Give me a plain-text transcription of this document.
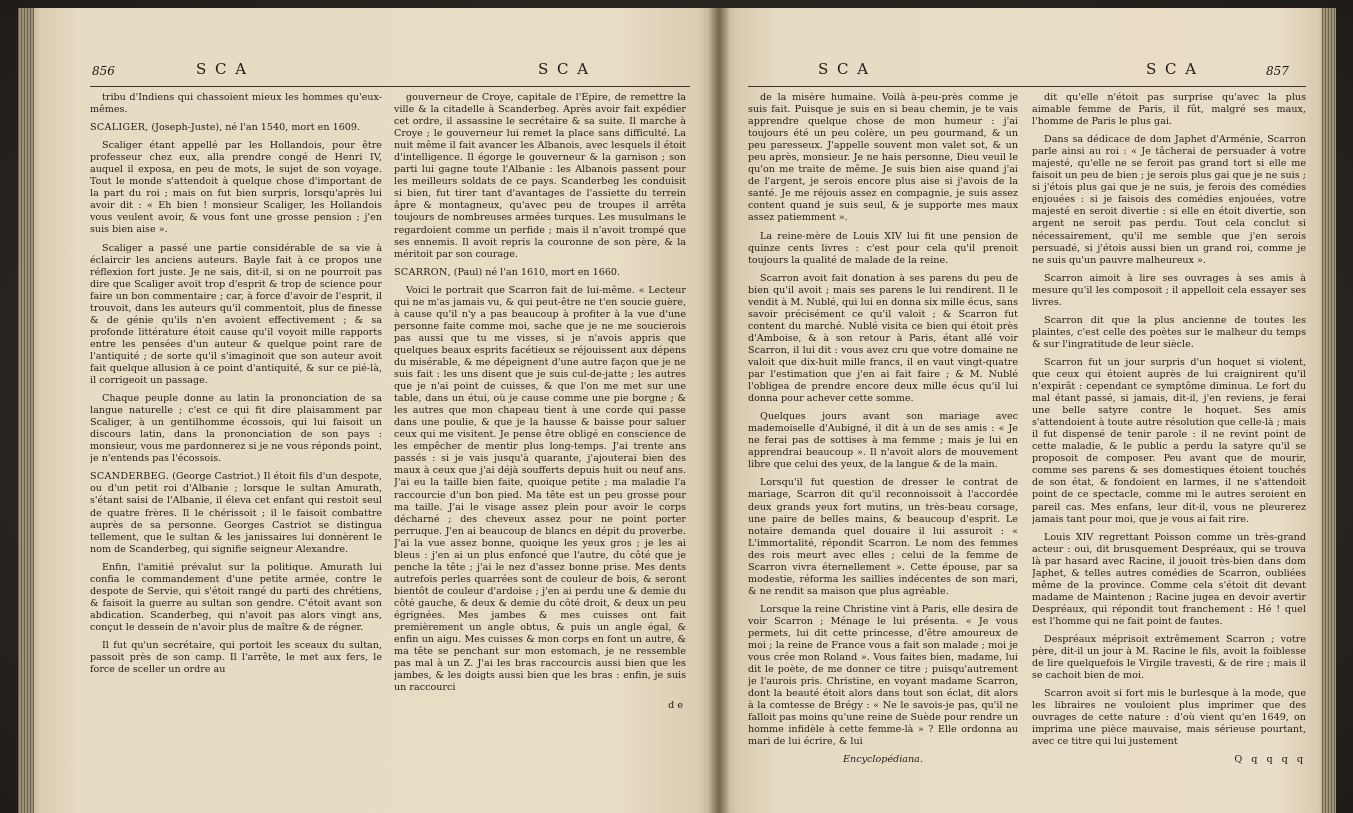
856	S C A	S C A

tribu d'Indiens qui chassoient mieux les hommes qu'eux-mêmes.

SCALIGER, (Joseph-Juste), né l'an 1540, mort en 1609.

Scaliger étant appellé par les Hollandois, pour être professeur chez eux, alla prendre congé de Henri IV, auquel il exposa, en peu de mots, le sujet de son voyage. Tout le monde s'attendoit à quelque chose d'important de la part du roi ; mais on fut bien surpris, lorsqu'après lui avoir dit : « Eh bien ! monsieur Scaliger, les Hollandois vous veulent avoir, & vous font une grosse pension ; j'en suis bien aise ».

Scaliger a passé une partie considérable de sa vie à éclaircir les anciens auteurs. Bayle fait à ce propos une réflexion fort juste. Je ne sais, dit-il, si on ne pourroit pas dire que Scaliger avoit trop d'esprit & trop de science pour faire un bon commentaire ; car, à force d'avoir de l'esprit, il trouvoit, dans les auteurs qu'il commentoit, plus de finesse & de génie qu'ils n'en avoient effectivement ; & sa profonde littérature étoit cause qu'il voyoit mille rapports entre les pensées d'un auteur & quelque point rare de l'antiquité ; de sorte qu'il s'imaginoit que son auteur avoit fait quelque allusion à ce point d'antiquité, & sur ce pié-là, il corrigeoit un passage.

Chaque peuple donne au latin la prononciation de sa langue naturelle ; c'est ce qui fit dire plaisamment par Scaliger, à un gentilhomme écossois, qui lui faisoit un discours latin, dans la prononciation de son pays : monsieur, vous me pardonnerez si je ne vous réponds point, je n'entends pas l'écossois.

SCANDERBEG. (George Castriot.) Il étoit fils d'un despote, ou d'un petit roi d'Albanie ; lorsque le sultan Amurath, s'étant saisi de l'Albanie, il éleva cet enfant qui restoit seul de quatre frères. Il le chérissoit ; il le faisoit combattre auprès de sa personne. Georges Castriot se distingua tellement, que le sultan & les janissaires lui donnèrent le nom de Scanderbeg, qui signifie seigneur Alexandre.

Enfin, l'amitié prévalut sur la politique. Amurath lui confia le commandement d'une petite armée, contre le despote de Servie, qui s'étoit rangé du parti des chrétiens, & faisoit la guerre au sultan son gendre. C'étoit avant son abdication. Scanderbeg, qui n'avoit pas alors vingt ans, conçut le dessein de n'avoir plus de maître & de régner.

Il fut qu'un secrétaire, qui portoit les sceaux du sultan, passoit près de son camp. Il l'arrête, le met aux fers, le force de sceller un ordre au

gouverneur de Croye, capitale de l'Épire, de remettre la ville & la citadelle à Scanderbeg. Après avoir fait expédier cet ordre, il assassine le secrétaire & sa suite. Il marche à Croye ; le gouverneur lui remet la place sans difficulté. La nuit même il fait avancer les Albanois, avec lesquels il étoit d'intelligence. Il égorge le gouverneur & la garnison ; son parti lui gagne toute l'Albanie : les Albanois passent pour les meilleurs soldats de ce pays. Scanderbeg les conduisit si bien, fut tirer tant d'avantages de l'assiette du terrein âpre & montagneux, qu'avec peu de troupes il arrêta toujours de nombreuses armées turques. Les musulmans le regardoient comme un perfide ; mais il n'avoit trompé que ses ennemis. Il avoit repris la couronne de son père, & la méritoit par son courage.

SCARRON, (Paul) né l'an 1610, mort en 1660.

Voici le portrait que Scarron fait de lui-même. « Lecteur qui ne m'as jamais vu, & qui peut-être ne t'en soucie guère, à cause qu'il n'y a pas beaucoup à profiter à la vue d'une personne faite comme moi, sache que je ne me soucierois pas aussi que tu me visses, si je n'avois appris que quelques beaux esprits facétieux se réjouissent aux dépens du misérable, & me dépeignent d'une autre façon que je ne suis fait : les uns disent que je suis cul-de-jatte ; les autres que je n'ai point de cuisses, & que l'on me met sur une table, dans un étui, où je cause comme une pie borgne ; & les autres que mon chapeau tient à une corde qui passe dans une poulie, & que je la hausse & baisse pour saluer ceux qui me visitent. Je pense être obligé en conscience de les empêcher de mentir plus long-temps. J'ai trente ans passés : si je vais jusqu'à quarante, j'ajouterai bien des maux à ceux que j'ai déjà soufferts depuis huit ou neuf ans. J'ai eu la taille bien faite, quoique petite ; ma maladie l'a raccourcie d'un bon pied. Ma tête est un peu grosse pour ma taille. J'ai le visage assez plein pour avoir le corps décharné ; des cheveux assez pour ne point porter perruque. J'en ai beaucoup de blancs en dépit du proverbe. J'ai la vue assez bonne, quoique les yeux gros ; je les ai bleus : j'en ai un plus enfoncé que l'autre, du côté que je penche la tête ; j'ai le nez d'assez bonne prise. Mes dents autrefois perles quarrées sont de couleur de bois, & seront bientôt de couleur d'ardoise ; j'en ai perdu une & demie du côté gauche, & deux & demie du côté droit, & deux un peu égrignées. Mes jambes & mes cuisses ont fait premièrement un angle obtus, & puis un angle égal, & enfin un aigu. Mes cuisses & mon corps en font un autre, & ma tête se penchant sur mon estomach, je ne ressemble pas mal à un Z. J'ai les bras raccourcis aussi bien que les jambes, & les doigts aussi bien que les bras : enfin, je suis un raccourci

de

S C A	S C A	857

de la misère humaine. Voilà à-peu-près comme je suis fait. Puisque je suis en si beau chemin, je te vais apprendre quelque chose de mon humeur : j'ai toujours été un peu colère, un peu gourmand, & un peu paresseux. J'appelle souvent mon valet sot, & un peu après, monsieur. Je ne hais personne, Dieu veuil le qu'on me traite de même. Je suis bien aise quand j'ai de l'argent, je serois encore plus aise si j'avois de la santé. Je me réjouis assez en compagnie, je suis assez content quand je suis seul, & je supporte mes maux assez patiemment ».

La reine-mère de Louis XIV lui fit une pension de quinze cents livres : c'est pour cela qu'il prenoit toujours la qualité de malade de la reine.

Scarron avoit fait donation à ses parens du peu de bien qu'il avoit ; mais ses parens le lui rendirent. Il le vendit à M. Nublé, qui lui en donna six mille écus, sans savoir précisément ce qu'il valoit ; & Scarron fut content du marché. Nublé visita ce bien qui étoit près d'Amboise, & à son retour à Paris, étant allé voir Scarron, il lui dit : vous avez cru que votre domaine ne valoit que dix-huit mille francs, il en vaut vingt-quatre par l'estimation que j'en ai fait faire ; & M. Nublé l'obligea de prendre encore deux mille écus qu'il lui donna pour achever cette somme.

Quelques jours avant son mariage avec mademoiselle d'Aubigné, il dit à un de ses amis : « Je ne ferai pas de sottises à ma femme ; mais je lui en apprendrai beaucoup ». Il n'avoit alors de mouvement libre que celui des yeux, de la langue & de la main.

Lorsqu'il fut question de dresser le contrat de mariage, Scarron dit qu'il reconnoissoit à l'accordée deux grands yeux fort mutins, un très-beau corsage, une paire de belles mains, & beaucoup d'esprit. Le notaire demanda quel douaire il lui assuroit : « L'immortalité, répondit Scarron. Le nom des femmes des rois meurt avec elles ; celui de la femme de Scarron vivra éternellement ». Cette épouse, par sa modestie, réforma les saillies indécentes de son mari, & ne rendit sa maison que plus agréable.

Lorsque la reine Christine vint à Paris, elle desira de voir Scarron ; Ménage le lui présenta. « Je vous permets, lui dit cette princesse, d'être amoureux de moi ; la reine de France vous a fait son malade ; moi je vous crée mon Roland ». Vous faites bien, madame, lui dit le poète, de me donner ce titre ; puisqu'autrement je l'aurois pris. Christine, en voyant madame Scarron, dont la beauté étoit alors dans tout son éclat, dit alors à la comtesse de Brégy : « Ne le savois-je pas, qu'il ne falloit pas moins qu'une reine de Suède pour rendre un homme infidèle à cette femme-là » ? Elle ordonna au mari de lui écrire, & lui

Encyclopédiana.

dit qu'elle n'étoit pas surprise qu'avec la plus aimable femme de Paris, il fût, malgré ses maux, l'homme de Paris le plus gai.

Dans sa dédicace de dom Japhet d'Arménie, Scarron parle ainsi au roi : « Je tâcherai de persuader à votre majesté, qu'elle ne se feroit pas grand tort si elle me faisoit un peu de bien ; je serois plus gai que je ne suis ; si j'étois plus gai que je ne suis, je ferois des comédies enjouées : si je faisois des comédies enjouées, votre majesté en seroit divertie : si elle en étoit divertie, son argent ne seroit pas perdu. Tout cela conclut si nécessairement, qu'il me semble que j'en serois persuadé, si j'étois aussi bien un grand roi, comme je ne suis qu'un pauvre malheureux ».

Scarron aimoit à lire ses ouvrages à ses amis à mesure qu'il les composoit ; il appelloit cela essayer ses livres.

Scarron dit que la plus ancienne de toutes les plaintes, c'est celle des poètes sur le malheur du temps & sur l'ingratitude de leur siècle.

Scarron fut un jour surpris d'un hoquet si violent, que ceux qui étoient auprès de lui craignirent qu'il n'expirât : cependant ce symptôme diminua. Le fort du mal étant passé, si jamais, dit-il, j'en reviens, je ferai une belle satyre contre le hoquet. Ses amis s'attendoient à toute autre résolution que celle-là ; mais il fut dispensé de tenir parole : il ne revint point de cette maladie, & le public a perdu la satyre qu'il se proposoit de composer. Peu avant que de mourir, comme ses parens & ses domestiques étoient touchés de son état, & fondoient en larmes, il ne s'attendoit point de ce spectacle, comme mi le autres seroient en pareil cas. Mes enfans, leur dit-il, vous ne pleurerez jamais tant pour moi, que je vous ai fait rire.

Louis XIV regrettant Poisson comme un très-grand acteur : oui, dit brusquement Despréaux, qui se trouva là par hasard avec Racine, il jouoit très-bien dans dom Japhet, & telles autres comédies de Scarron, oubliées même de la province. Comme cela s'étoit dit devant madame de Maintenon ; Racine jugea en devoir avertir Despréaux, qui répondit tout franchement : Hé ! quel est l'homme qui ne fait point de fautes.

Despréaux méprisoit extrêmement Scarron ; votre père, dit-il un jour à M. Racine le fils, avoit la foiblesse de lire quelquefois le Virgile travesti, & de rire ; mais il se cachoit bien de moi.

Scarron avoit si fort mis le burlesque à la mode, que les libraires ne vouloient plus imprimer que des ouvrages de cette nature : d'où vient qu'en 1649, on imprima une pièce mauvaise, mais sérieuse pourtant, avec ce titre qui lui justement

Q q q q q
